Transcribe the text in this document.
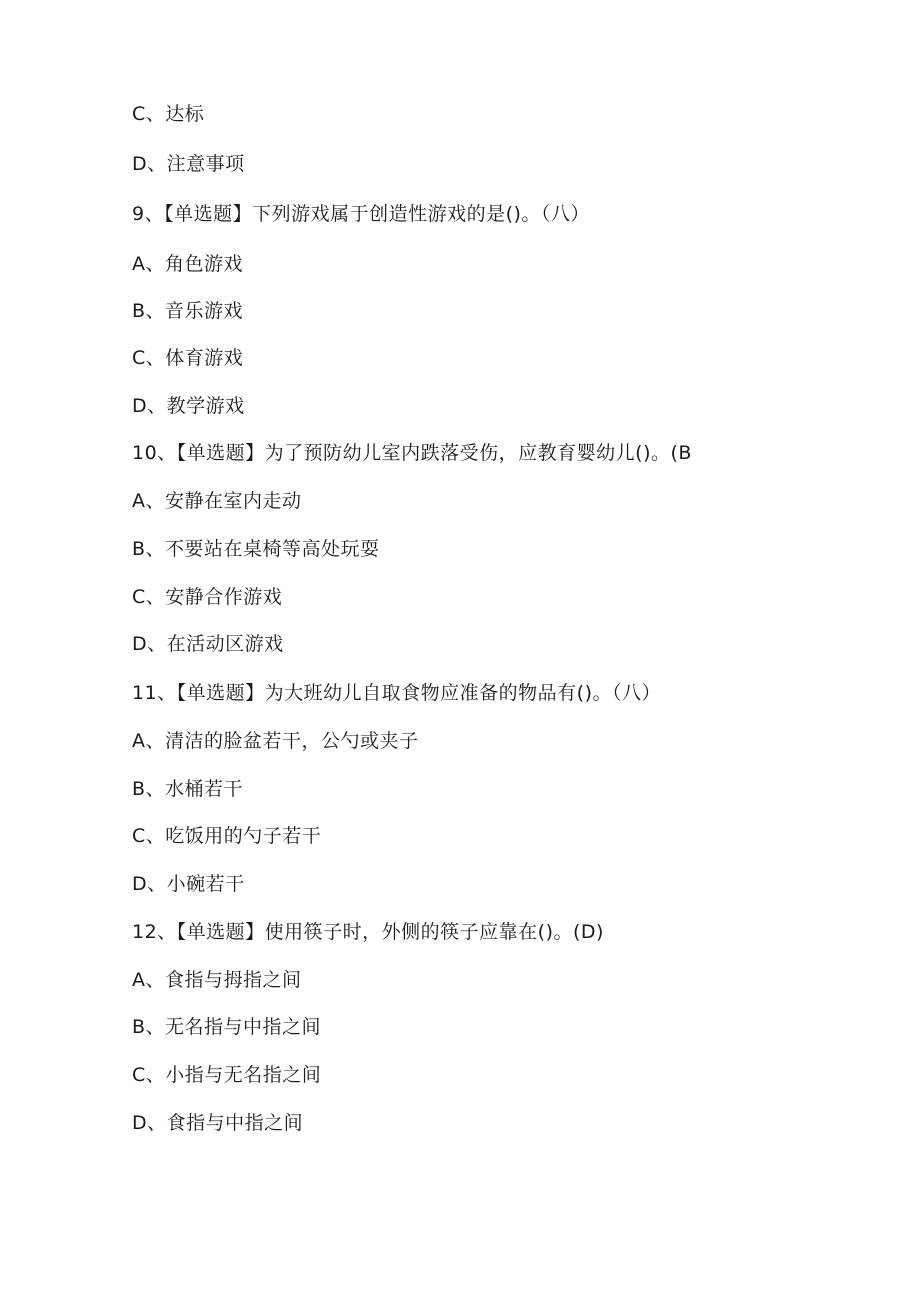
C、达标
D、注意事项
9、【单选题】下列游戏属于创造性游戏的是()。（八）
A、角色游戏
B、音乐游戏
C、体育游戏
D、教学游戏
10、【单选题】为了预防幼儿室内跌落受伤，应教育婴幼儿()。(B
A、安静在室内走动
B、不要站在桌椅等高处玩耍
C、安静合作游戏
D、在活动区游戏
11、【单选题】为大班幼儿自取食物应准备的物品有()。（八）
A、清洁的脸盆若干，公勺或夹子
B、水桶若干
C、吃饭用的勺子若干
D、小碗若干
12、【单选题】使用筷子时，外侧的筷子应靠在()。(D)
A、食指与拇指之间
B、无名指与中指之间
C、小指与无名指之间
D、食指与中指之间
